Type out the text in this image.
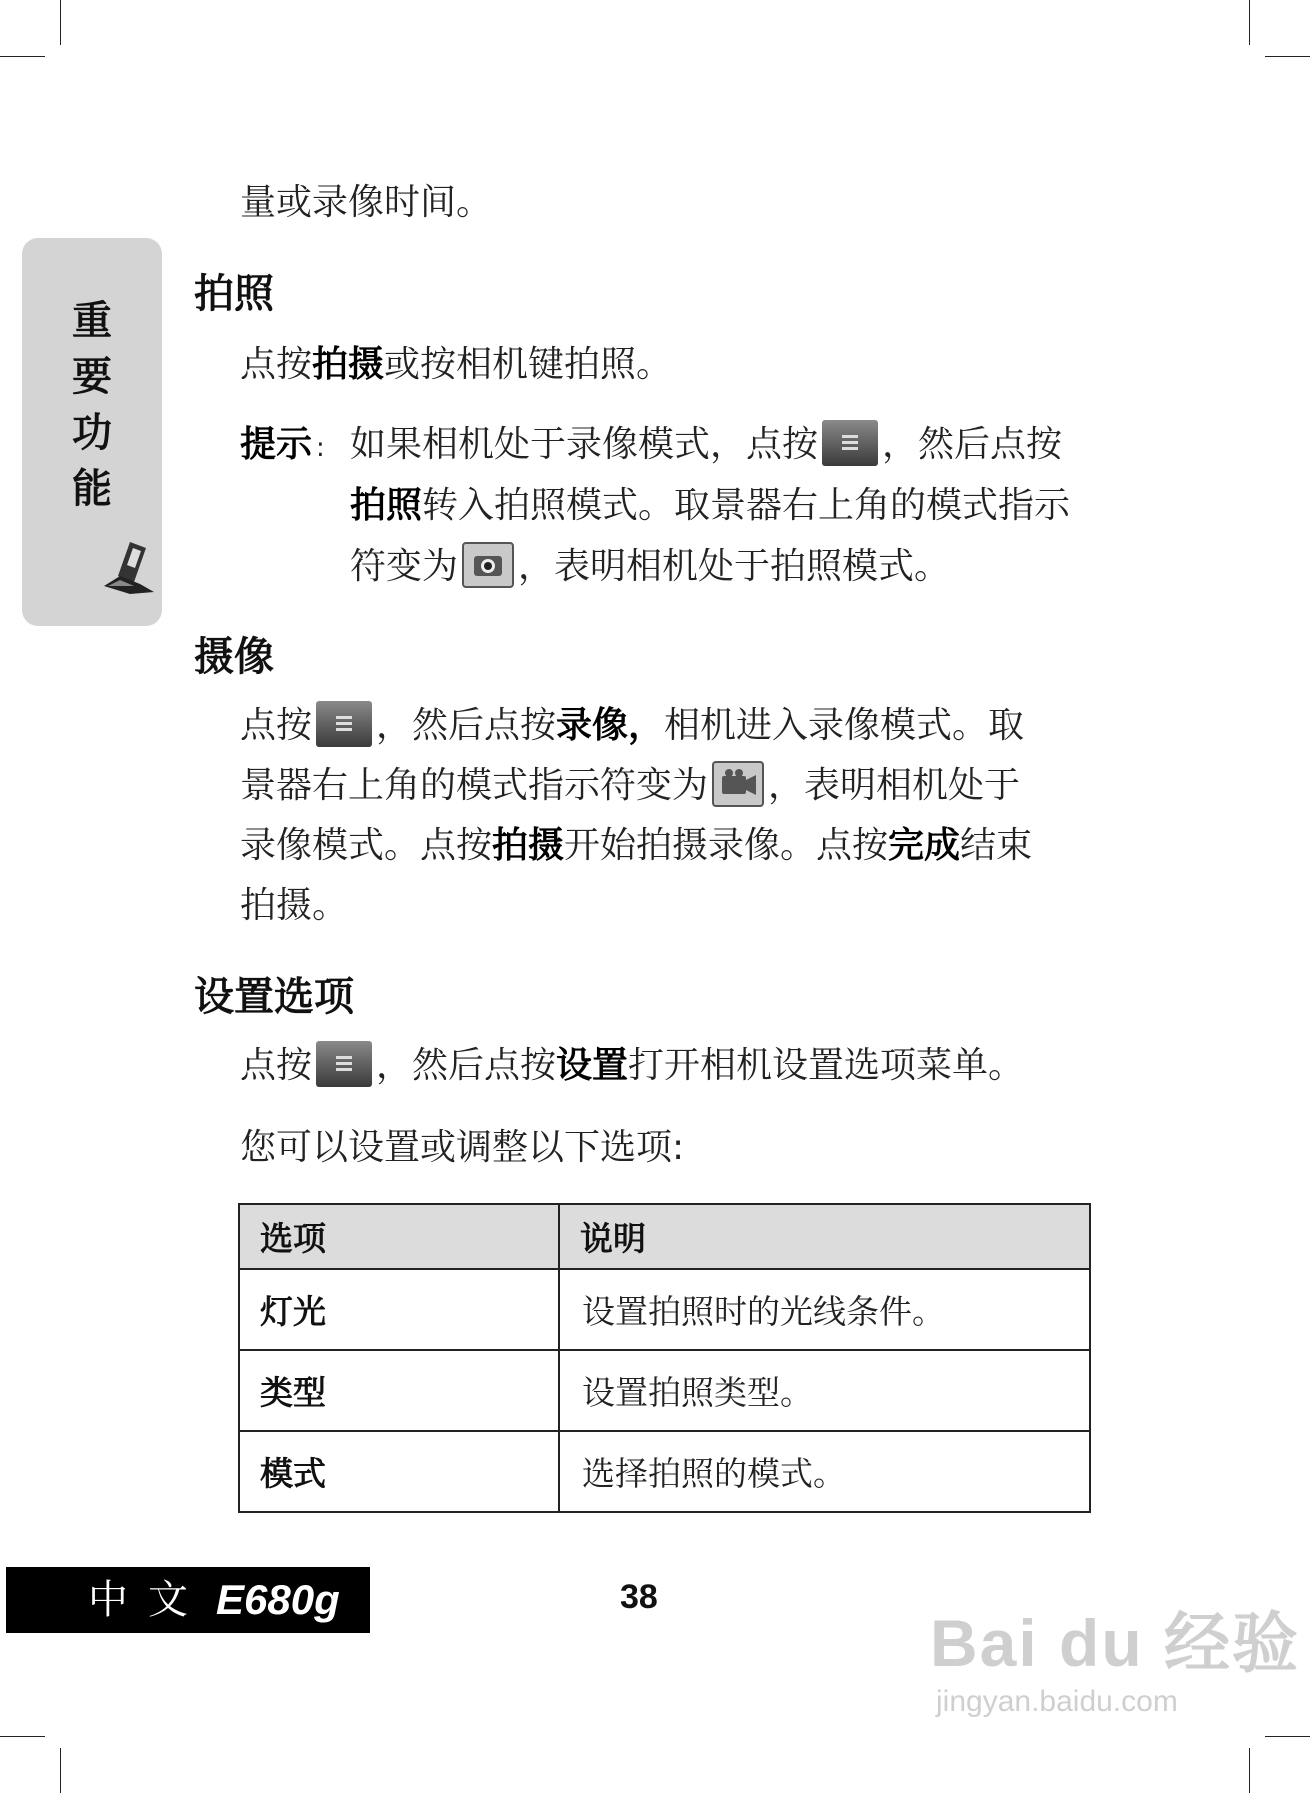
重
要
功
能
量或录像时间。
拍照
点按拍摄或按相机键拍照。
提示 : 如果相机处于录像模式，点按 ，然后点按
拍照转入拍照模式。取景器右上角的模式指示
符变为 ，表明相机处于拍照模式。
摄像
点按 ，然后点按录像，相机进入录像模式。取
景器右上角的模式指示符变为 ，表明相机处于
录像模式。点按拍摄开始拍摄录像。点按完成结束
拍摄。
设置选项
点按 ，然后点按设置打开相机设置选项菜单。
您可以设置或调整以下选项:
选项	说明
灯光	设置拍照时的光线条件。
类型	设置拍照类型。
模式	选择拍照的模式。
中文 E680g	38
Bai du 经验
jingyan.baidu.com
